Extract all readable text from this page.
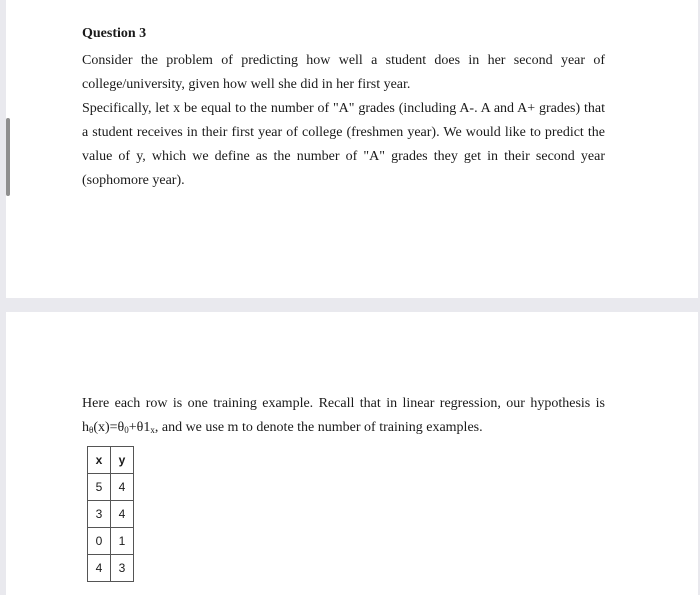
Question 3

Consider the problem of predicting how well a student does in her second year of college/university, given how well she did in her first year.

Specifically, let x be equal to the number of "A" grades (including A-. A and A+ grades) that a student receives in their first year of college (freshmen year). We would like to predict the value of y, which we define as the number of "A" grades they get in their second year (sophomore year).

Here each row is one training example. Recall that in linear regression, our hypothesis is $h_\theta(x)=\theta_0+\theta 1_x$, and we use m to denote the number of training examples.

x	y
5	4
3	4
0	1
4	3
